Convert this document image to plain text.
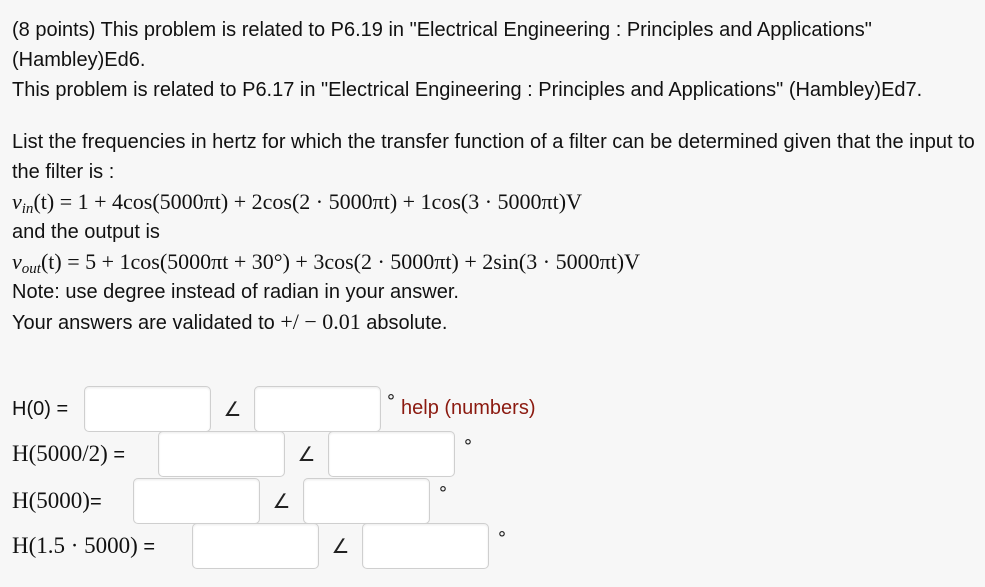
(8 points) This problem is related to P6.19 in "Electrical Engineering : Principles and Applications" (Hambley)Ed6.

This problem is related to P6.17 in "Electrical Engineering : Principles and Applications" (Hambley)Ed7.

List the frequencies in hertz for which the transfer function of a filter can be determined given that the input to the filter is :

$v_{in}(t) = 1 + 4\cos(5000\pi t) + 2\cos(2 \cdot 5000\pi t) + 1\cos(3 \cdot 5000\pi t)V$

and the output is

$v_{out}(t) = 5 + 1\cos(5000\pi t + 30^\circ) + 3\cos(2 \cdot 5000\pi t) + 2\sin(3 \cdot 5000\pi t)V$

Note: use degree instead of radian in your answer.

Your answers are validated to +/ − 0.01 absolute.

H(0) =	∠	° help (numbers)
H(5000/2) =	∠	°
H(5000)=	∠	°
H(1.5 · 5000) =	∠	°
